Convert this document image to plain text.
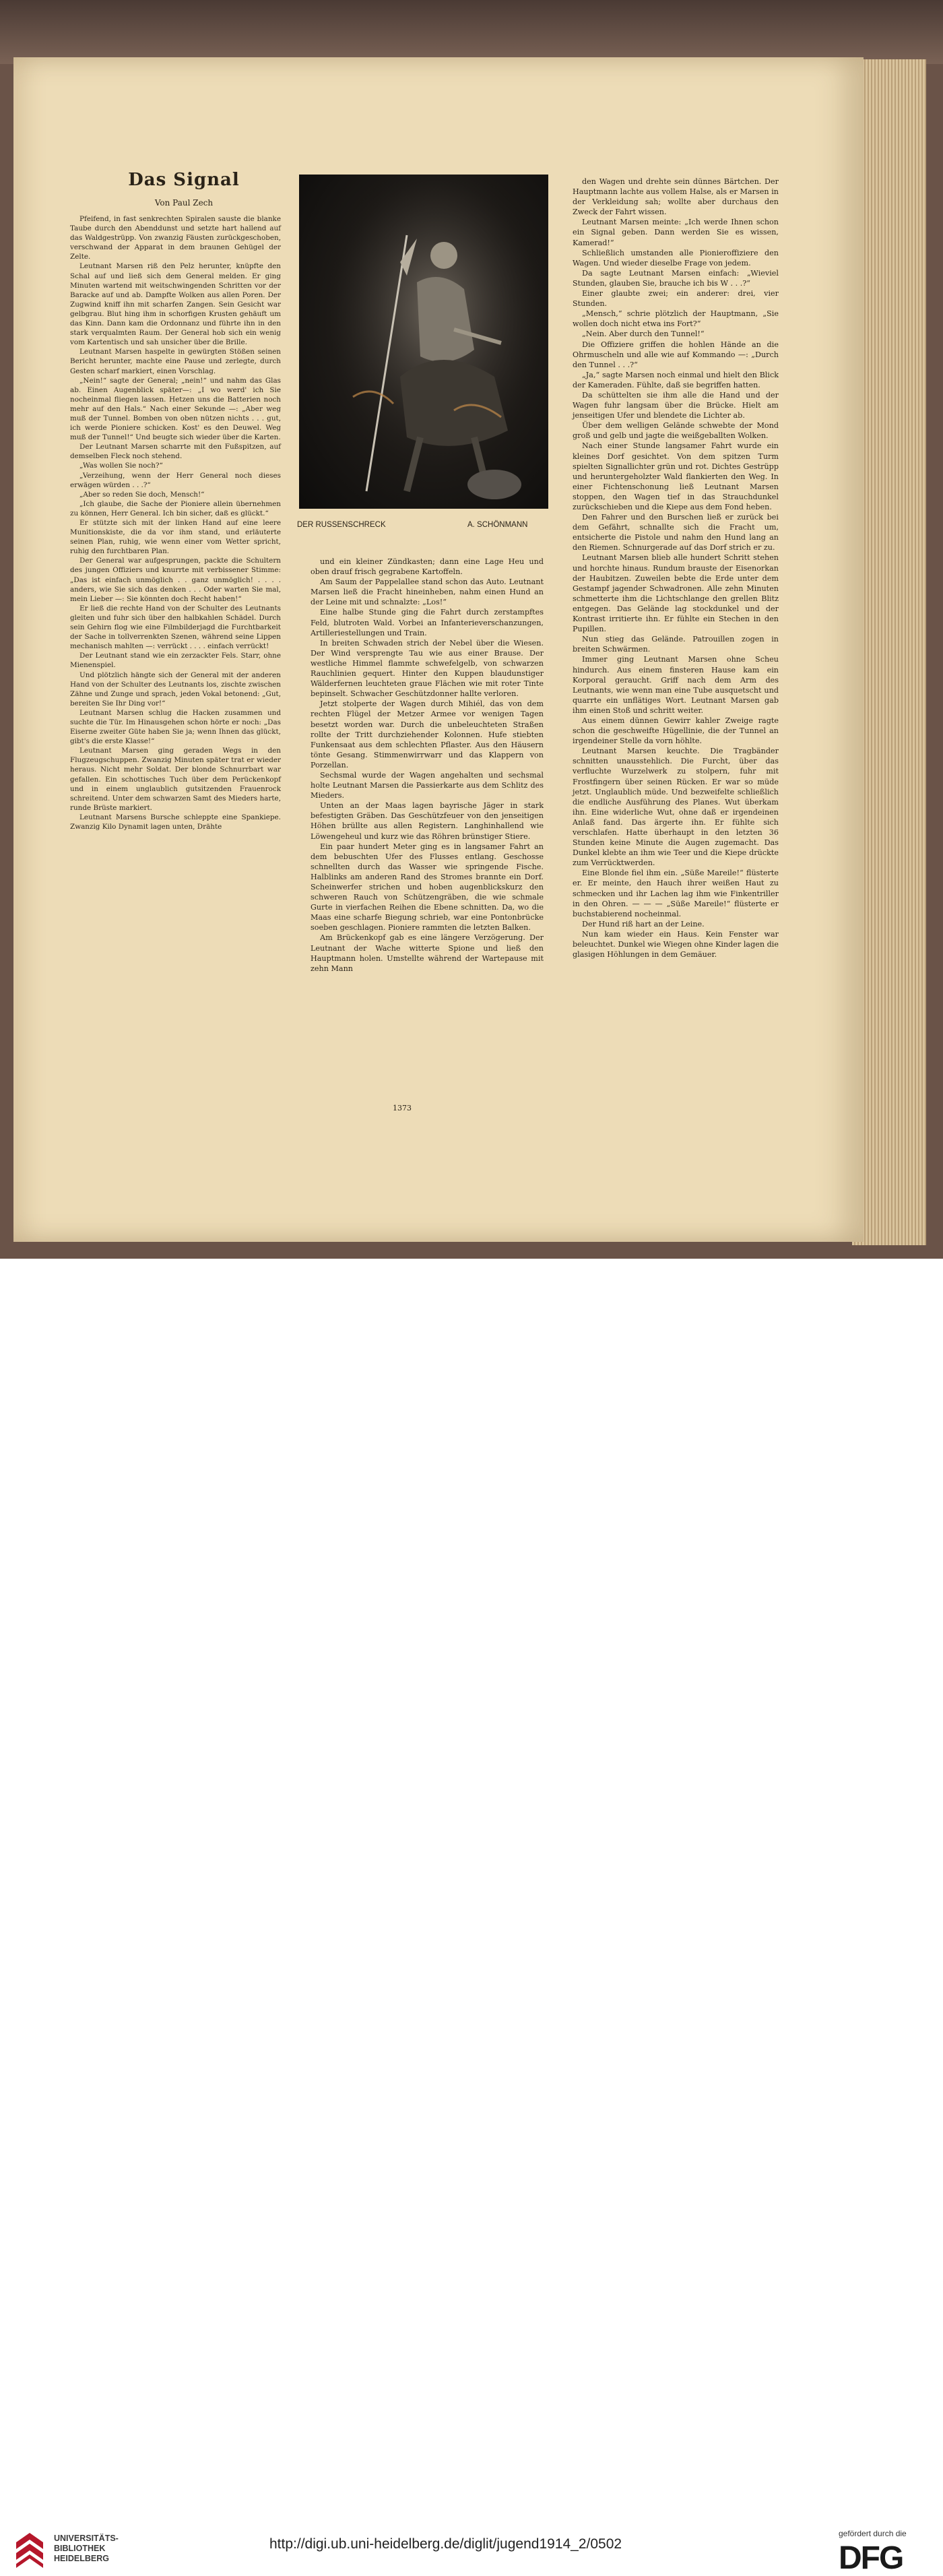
Das Signal
Von Paul Zech

Pfeifend, in fast senkrechten Spiralen sauste die blanke Taube durch den Abenddunst und setzte hart hallend auf das Waldgestrüpp. Von zwanzig Fäusten zurückgeschoben, verschwand der Apparat in dem braunen Gehügel der Zelte.

Leutnant Marsen riß den Pelz herunter, knüpfte den Schal auf und ließ sich dem General melden. Er ging Minuten wartend mit weitschwingenden Schritten vor der Baracke auf und ab. Dampfte Wolken aus allen Poren. Der Zugwind kniff ihn mit scharfen Zangen. Sein Gesicht war gelbgrau. Blut hing ihm in schorfigen Krusten gehäuft um das Kinn. Dann kam die Ordonnanz und führte ihn in den stark verqualmten Raum. Der General hob sich ein wenig vom Kartentisch und sah unsicher über die Brille.

Leutnant Marsen haspelte in gewürgten Stößen seinen Bericht herunter, machte eine Pause und zerlegte, durch Gesten scharf markiert, einen Vorschlag.

„Nein!“ sagte der General; „nein!“ und nahm das Glas ab. Einen Augenblick später—: „I wo werd' ich Sie nocheinmal fliegen lassen. Hetzen uns die Batterien noch mehr auf den Hals.“ Nach einer Sekunde —: „Aber weg muß der Tunnel. Bomben von oben nützen nichts . . . gut, ich werde Pioniere schicken. Kost' es den Deuwel. Weg muß der Tunnel!“ Und beugte sich wieder über die Karten.

Der Leutnant Marsen scharrte mit den Fußspitzen, auf demselben Fleck noch stehend.

„Was wollen Sie noch?“

„Verzeihung, wenn der Herr General noch dieses erwägen würden . . .?“

„Aber so reden Sie doch, Mensch!“

„Ich glaube, die Sache der Pioniere allein übernehmen zu können, Herr General. Ich bin sicher, daß es glückt.“

Er stützte sich mit der linken Hand auf eine leere Munitionskiste, die da vor ihm stand, und erläuterte seinen Plan, ruhig, wie wenn einer vom Wetter spricht, ruhig den furchtbaren Plan.

Der General war aufgesprungen, packte die Schultern des jungen Offiziers und knurrte mit verbissener Stimme: „Das ist einfach unmöglich . . ganz unmöglich! . . . . anders, wie Sie sich das denken . . . Oder warten Sie mal, mein Lieber —: Sie könnten doch Recht haben!“

Er ließ die rechte Hand von der Schulter des Leutnants gleiten und fuhr sich über den halbkahlen Schädel. Durch sein Gehirn flog wie eine Filmbilderjagd die Furchtbarkeit der Sache in tollverrenkten Szenen, während seine Lippen mechanisch mahlten —: verrückt . . . . einfach verrückt!

Der Leutnant stand wie ein zerzackter Fels. Starr, ohne Mienenspiel.

Und plötzlich hängte sich der General mit der anderen Hand von der Schulter des Leutnants los, zischte zwischen Zähne und Zunge und sprach, jeden Vokal betonend: „Gut, bereiten Sie Ihr Ding vor!“

Leutnant Marsen schlug die Hacken zusammen und suchte die Tür. Im Hinausgehen schon hörte er noch: „Das Eiserne zweiter Güte haben Sie ja; wenn Ihnen das glückt, gibt's die erste Klasse!“

Leutnant Marsen ging geraden Wegs in den Flugzeugschuppen. Zwanzig Minuten später trat er wieder heraus. Nicht mehr Soldat. Der blonde Schnurrbart war gefallen. Ein schottisches Tuch über dem Perückenkopf und in einem unglaublich gutsitzenden Frauenrock schreitend. Unter dem schwarzen Samt des Mieders harte, runde Brüste markiert.

Leutnant Marsens Bursche schleppte eine Spankiepe. Zwanzig Kilo Dynamit lagen unten, Drähte

DER RUSSENSCHRECK	A. SCHÖNMANN

und ein kleiner Zündkasten; dann eine Lage Heu und oben drauf frisch gegrabene Kartoffeln.

Am Saum der Pappelallee stand schon das Auto. Leutnant Marsen ließ die Fracht hineinheben, nahm einen Hund an der Leine mit und schnalzte: „Los!“

Eine halbe Stunde ging die Fahrt durch zerstampftes Feld, blutroten Wald. Vorbei an Infanterieverschanzungen, Artilleriestellungen und Train.

In breiten Schwaden strich der Nebel über die Wiesen. Der Wind versprengte Tau wie aus einer Brause. Der westliche Himmel flammte schwefelgelb, von schwarzen Rauchlinien gequert. Hinter den Kuppen blaudunstiger Wälderfernen leuchteten graue Flächen wie mit roter Tinte bepinselt. Schwacher Geschützdonner hallte verloren.

Jetzt stolperte der Wagen durch Mihiél, das von dem rechten Flügel der Metzer Armee vor wenigen Tagen besetzt worden war. Durch die unbeleuchteten Straßen rollte der Tritt durchziehender Kolonnen. Hufe stiebten Funkensaat aus dem schlechten Pflaster. Aus den Häusern tönte Gesang. Stimmenwirrwarr und das Klappern von Porzellan.

Sechsmal wurde der Wagen angehalten und sechsmal holte Leutnant Marsen die Passierkarte aus dem Schlitz des Mieders.

Unten an der Maas lagen bayrische Jäger in stark befestigten Gräben. Das Geschützfeuer von den jenseitigen Höhen brüllte aus allen Registern. Langhinhallend wie Löwengeheul und kurz wie das Röhren brünstiger Stiere.

Ein paar hundert Meter ging es in langsamer Fahrt an dem bebuschten Ufer des Flusses entlang. Geschosse schnellten durch das Wasser wie springende Fische. Halblinks am anderen Rand des Stromes brannte ein Dorf. Scheinwerfer strichen und hoben augenblickskurz den schweren Rauch von Schützengräben, die wie schmale Gurte in vierfachen Reihen die Ebene schnitten. Da, wo die Maas eine scharfe Biegung schrieb, war eine Pontonbrücke soeben geschlagen. Pioniere rammten die letzten Balken.

Am Brückenkopf gab es eine längere Verzögerung. Der Leutnant der Wache witterte Spione und ließ den Hauptmann holen. Umstellte während der Wartepause mit zehn Mann

den Wagen und drehte sein dünnes Bärtchen. Der Hauptmann lachte aus vollem Halse, als er Marsen in der Verkleidung sah; wollte aber durchaus den Zweck der Fahrt wissen.

Leutnant Marsen meinte: „Ich werde Ihnen schon ein Signal geben. Dann werden Sie es wissen, Kamerad!“

Schließlich umstanden alle Pionieroffiziere den Wagen. Und wieder dieselbe Frage von jedem.

Da sagte Leutnant Marsen einfach: „Wieviel Stunden, glauben Sie, brauche ich bis W . . .?“

Einer glaubte zwei; ein anderer: drei, vier Stunden.

„Mensch,“ schrie plötzlich der Hauptmann, „Sie wollen doch nicht etwa ins Fort?“

„Nein. Aber durch den Tunnel!“

Die Offiziere griffen die hohlen Hände an die Ohrmuscheln und alle wie auf Kommando —: „Durch den Tunnel . . .?“

„Ja,“ sagte Marsen noch einmal und hielt den Blick der Kameraden. Fühlte, daß sie begriffen hatten.

Da schüttelten sie ihm alle die Hand und der Wagen fuhr langsam über die Brücke. Hielt am jenseitigen Ufer und blendete die Lichter ab.

Über dem welligen Gelände schwebte der Mond groß und gelb und jagte die weißgeballten Wolken.

Nach einer Stunde langsamer Fahrt wurde ein kleines Dorf gesichtet. Von dem spitzen Turm spielten Signallichter grün und rot. Dichtes Gestrüpp und heruntergeholzter Wald flankierten den Weg. In einer Fichtenschonung ließ Leutnant Marsen stoppen, den Wagen tief in das Strauchdunkel zurückschieben und die Kiepe aus dem Fond heben.

Den Fahrer und den Burschen ließ er zurück bei dem Gefährt, schnallte sich die Fracht um, entsicherte die Pistole und nahm den Hund lang an den Riemen. Schnurgerade auf das Dorf strich er zu.

Leutnant Marsen blieb alle hundert Schritt stehen und horchte hinaus. Rundum brauste der Eisenorkan der Haubitzen. Zuweilen bebte die Erde unter dem Gestampf jagender Schwadronen. Alle zehn Minuten schmetterte ihm die Lichtschlange den grellen Blitz entgegen. Das Gelände lag stockdunkel und der Kontrast irritierte ihn. Er fühlte ein Stechen in den Pupillen.

Nun stieg das Gelände. Patrouillen zogen in breiten Schwärmen.

Immer ging Leutnant Marsen ohne Scheu hindurch. Aus einem finsteren Hause kam ein Korporal geraucht. Griff nach dem Arm des Leutnants, wie wenn man eine Tube ausquetscht und quarrte ein unflätiges Wort. Leutnant Marsen gab ihm einen Stoß und schritt weiter.

Aus einem dünnen Gewirr kahler Zweige ragte schon die geschweifte Hügellinie, die der Tunnel an irgendeiner Stelle da vorn höhlte.

Leutnant Marsen keuchte. Die Tragbänder schnitten unausstehlich. Die Furcht, über das verfluchte Wurzelwerk zu stolpern, fuhr mit Frostfingern über seinen Rücken. Er war so müde jetzt. Unglaublich müde. Und bezweifelte schließlich die endliche Ausführung des Planes. Wut überkam ihn. Eine widerliche Wut, ohne daß er irgendeinen Anlaß fand. Das ärgerte ihn. Er fühlte sich verschlafen. Hatte überhaupt in den letzten 36 Stunden keine Minute die Augen zugemacht. Das Dunkel klebte an ihm wie Teer und die Kiepe drückte zum Verrücktwerden.

Eine Blonde fiel ihm ein. „Süße Mareile!“ flüsterte er. Er meinte, den Hauch ihrer weißen Haut zu schmecken und ihr Lachen lag ihm wie Finkentriller in den Ohren. — — — „Süße Mareile!“ flüsterte er buchstabierend nocheinmal.

Der Hund riß hart an der Leine.

Nun kam wieder ein Haus. Kein Fenster war beleuchtet. Dunkel wie Wiegen ohne Kinder lagen die glasigen Höhlungen in dem Gemäuer.

1373
UNIVERSITÄTS-
BIBLIOTHEK
HEIDELBERG
http://digi.ub.uni-heidelberg.de/diglit/jugend1914_2/0502
gefördert durch die
DFG
